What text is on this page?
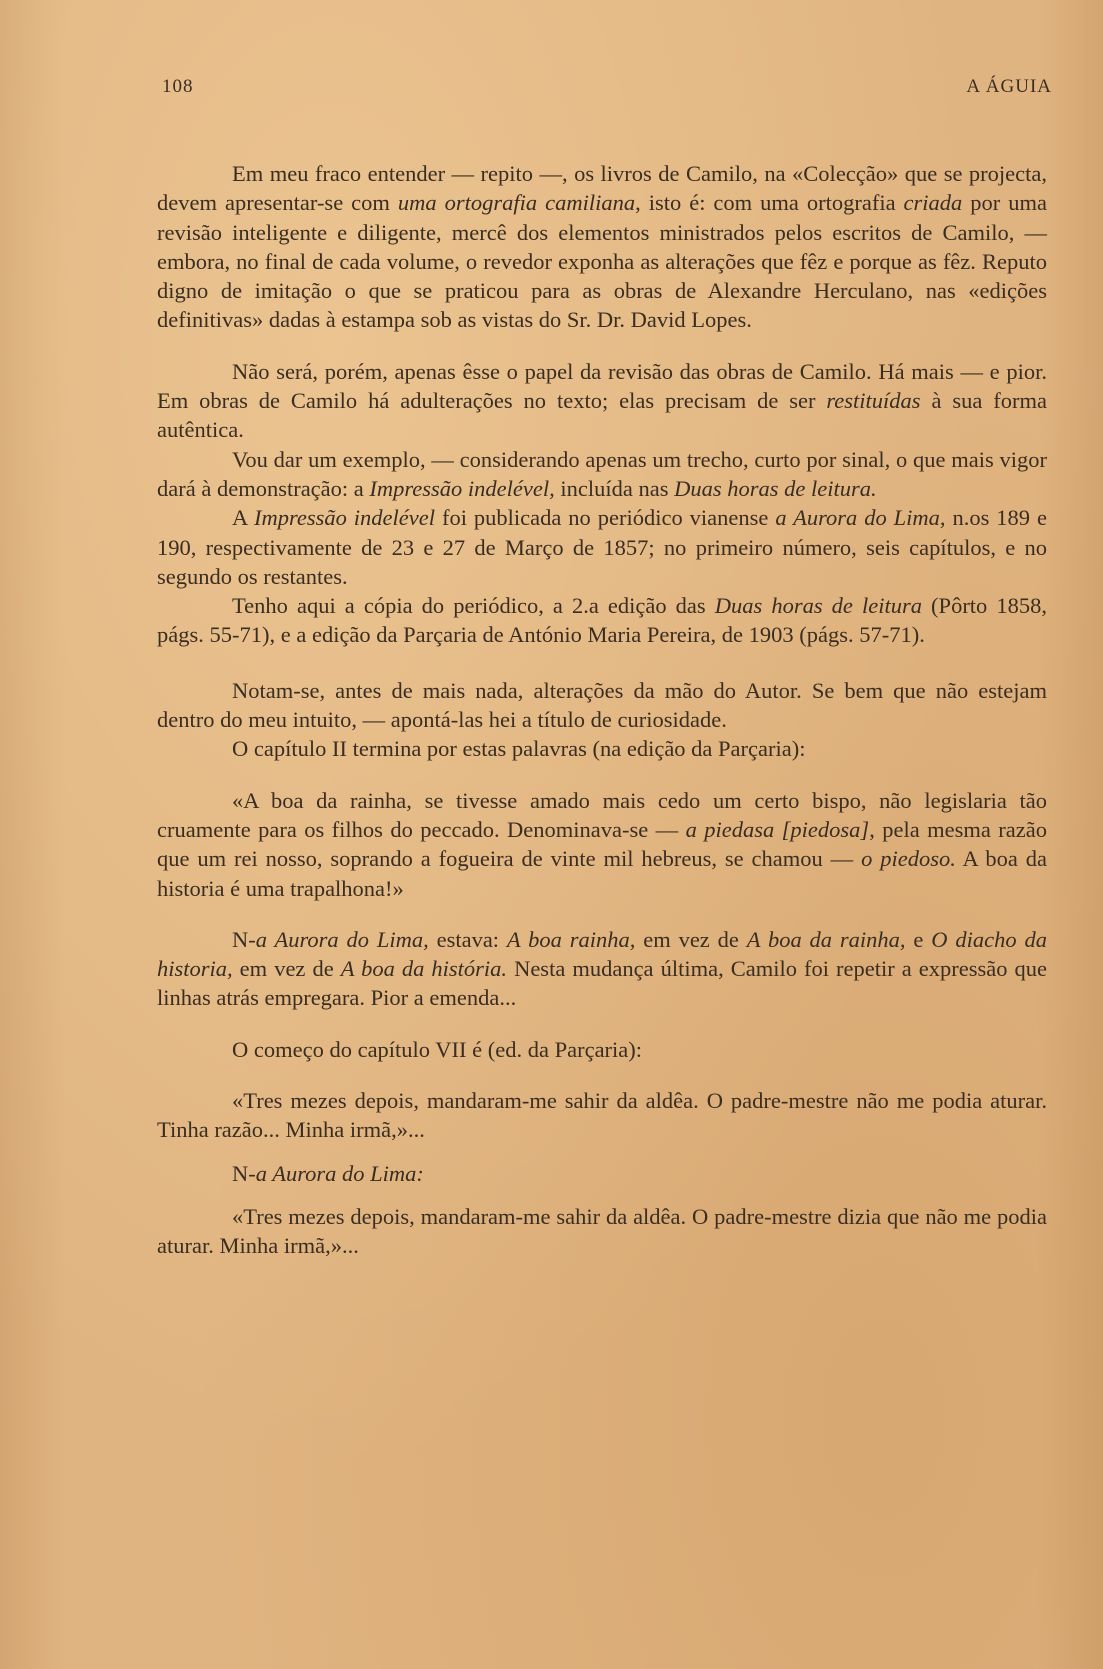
108	A ÁGUIA

Em meu fraco entender — repito —, os livros de Camilo, na «Colecção» que se projecta, devem apresentar-se com uma ortografia camiliana, isto é: com uma ortografia criada por uma revisão inteligente e diligente, mercê dos elementos ministrados pelos escritos de Camilo, — embora, no final de cada volume, o revedor exponha as alterações que fêz e porque as fêz. Reputo digno de imitação o que se praticou para as obras de Alexandre Herculano, nas «edições definitivas» dadas à estampa sob as vistas do Sr. Dr. David Lopes.

Não será, porém, apenas êsse o papel da revisão das obras de Camilo. Há mais — e pior. Em obras de Camilo há adulterações no texto; elas precisam de ser restituídas à sua forma autêntica.

Vou dar um exemplo, — considerando apenas um trecho, curto por sinal, o que mais vigor dará à demonstração: a Impressão indelével, incluída nas Duas horas de leitura.

A Impressão indelével foi publicada no periódico vianense a Aurora do Lima, n.os 189 e 190, respectivamente de 23 e 27 de Março de 1857; no primeiro número, seis capítulos, e no segundo os restantes.

Tenho aqui a cópia do periódico, a 2.a edição das Duas horas de leitura (Pôrto 1858, págs. 55-71), e a edição da Parçaria de António Maria Pereira, de 1903 (págs. 57-71).

Notam-se, antes de mais nada, alterações da mão do Autor. Se bem que não estejam dentro do meu intuito, — apontá-las hei a título de curiosidade.

O capítulo II termina por estas palavras (na edição da Parçaria):

«A boa da rainha, se tivesse amado mais cedo um certo bispo, não legislaria tão cruamente para os filhos do peccado. Denominava-se — a piedasa [piedosa], pela mesma razão que um rei nosso, soprando a fogueira de vinte mil hebreus, se chamou — o piedoso. A boa da historia é uma trapalhona!»

N-a Aurora do Lima, estava: A boa rainha, em vez de A boa da rainha, e O diacho da historia, em vez de A boa da história. Nesta mudança última, Camilo foi repetir a expressão que linhas atrás empregara. Pior a emenda...

O começo do capítulo VII é (ed. da Parçaria):

«Tres mezes depois, mandaram-me sahir da aldêa. O padre-mestre não me podia aturar. Tinha razão... Minha irmã,»...

N-a Aurora do Lima:

«Tres mezes depois, mandaram-me sahir da aldêa. O padre-mestre dizia que não me podia aturar. Minha irmã,»...
